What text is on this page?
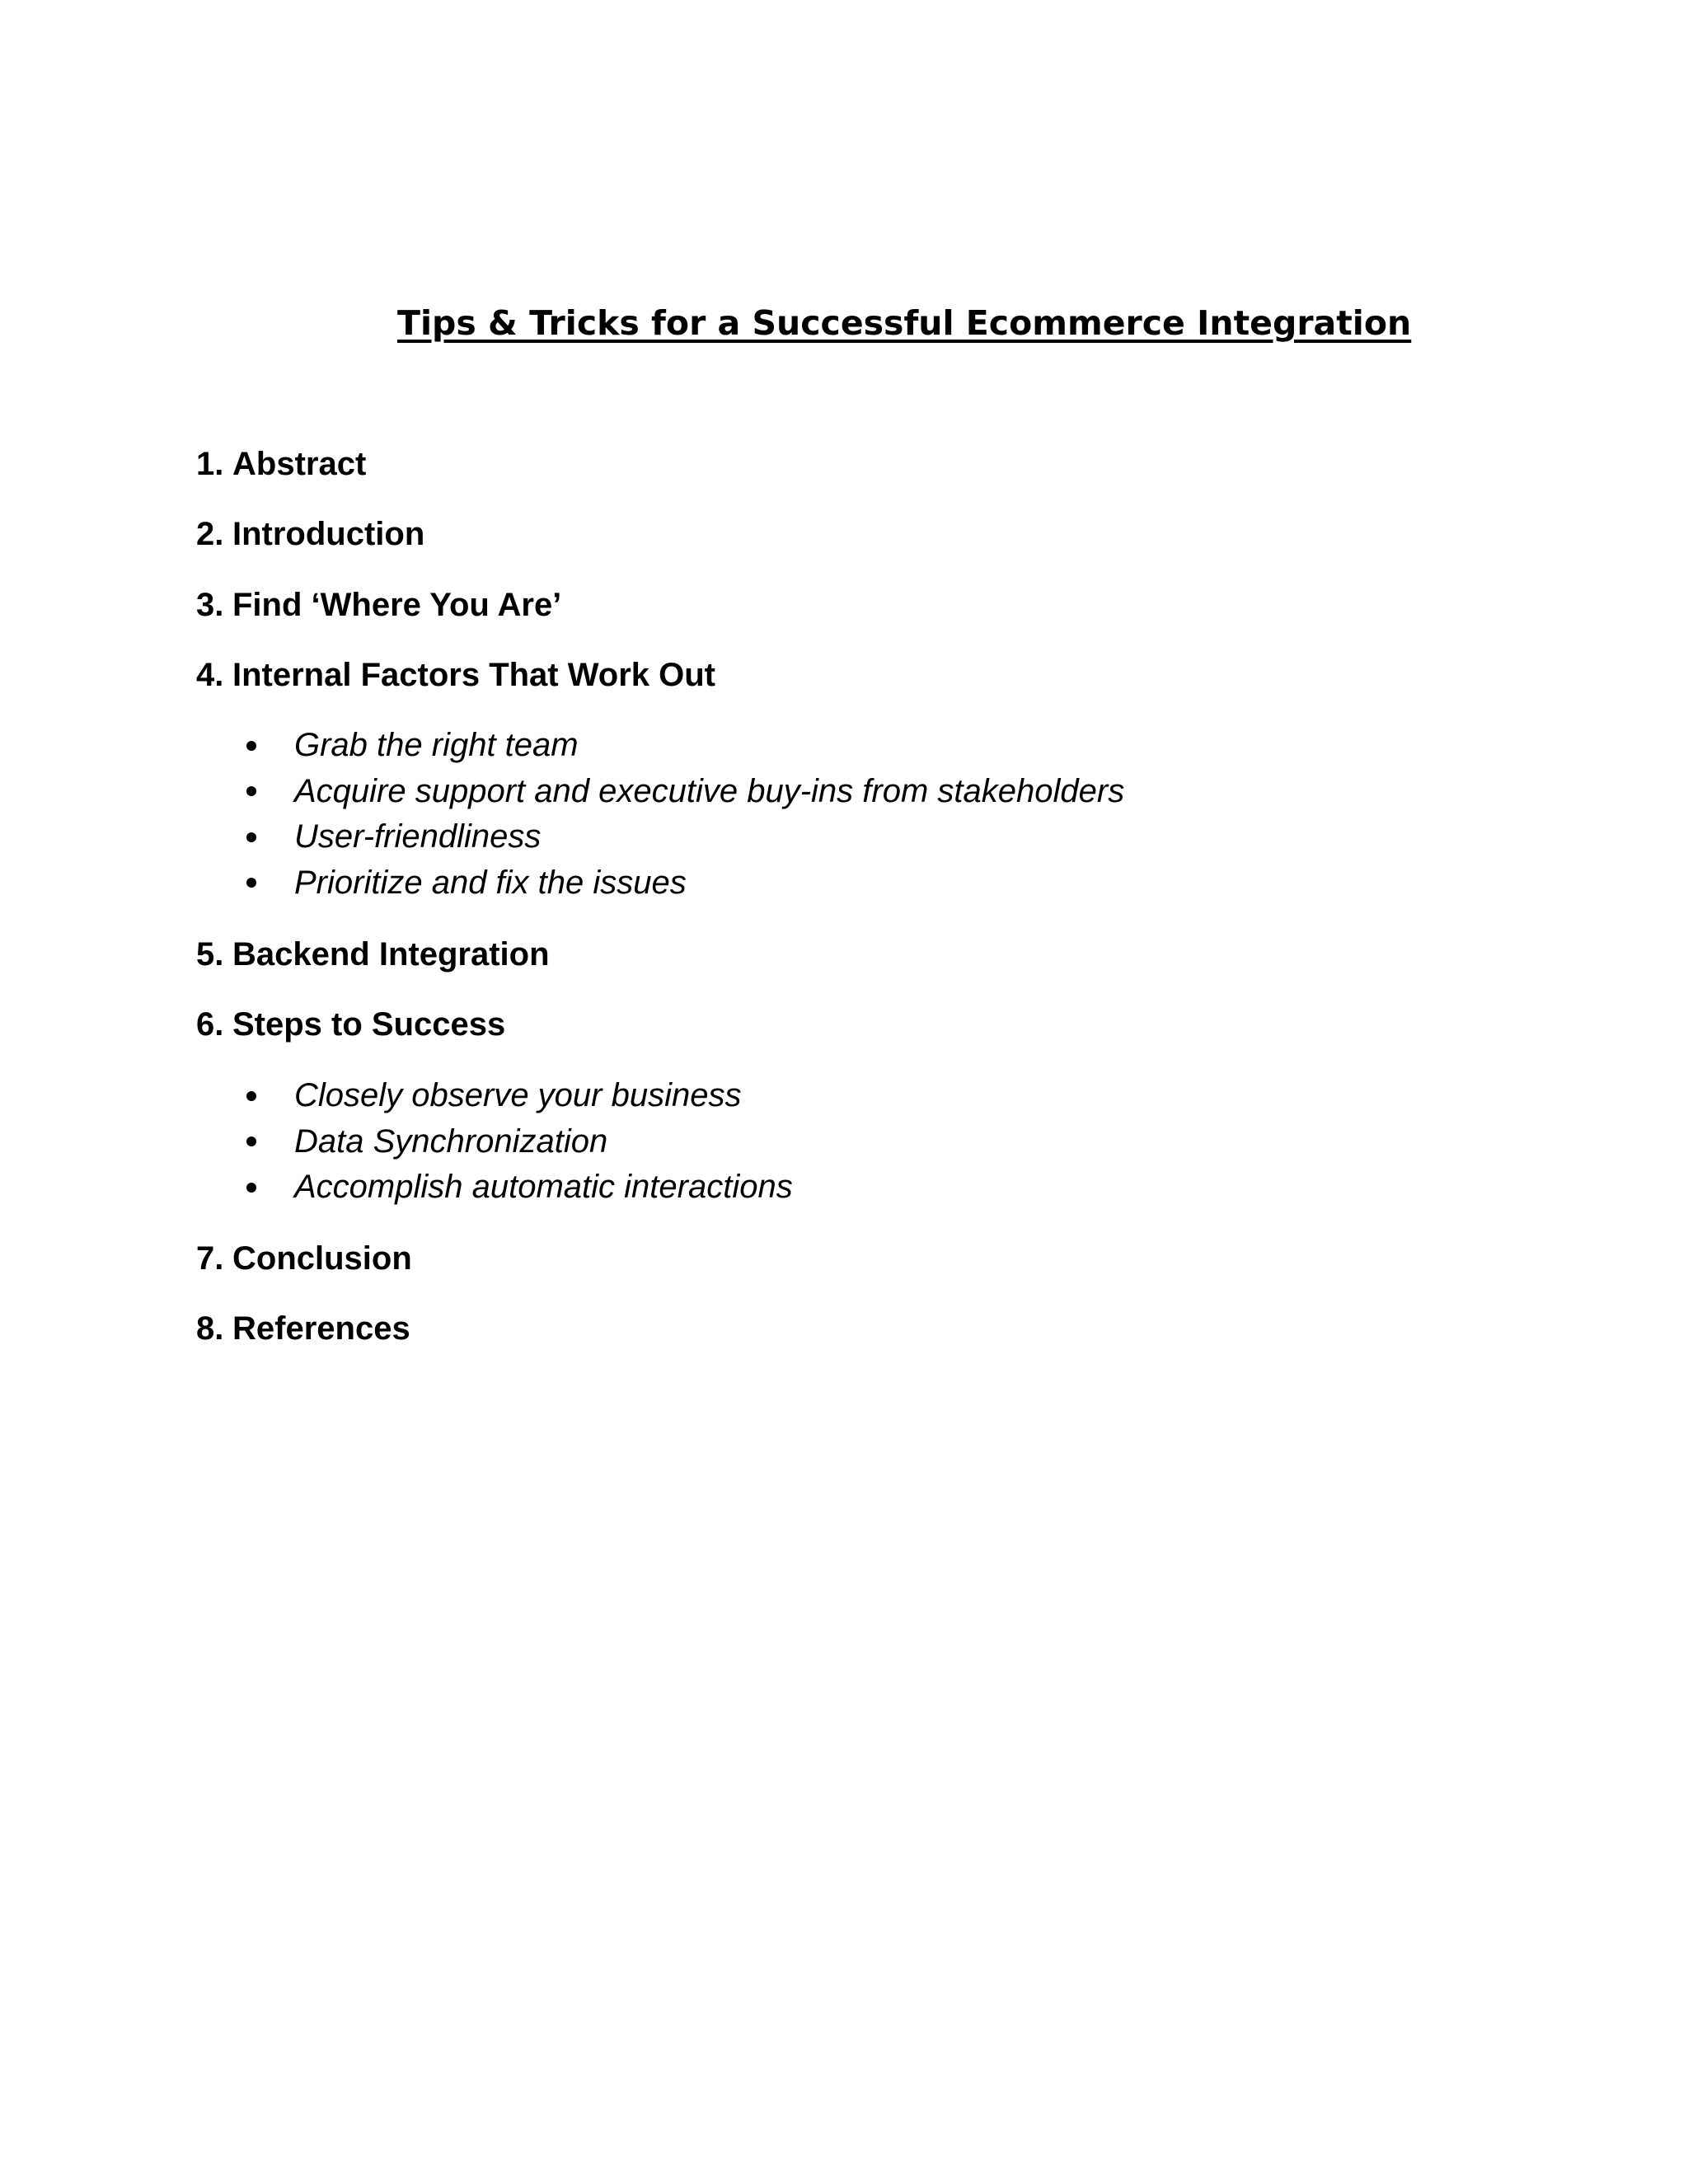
Tips & Tricks for a Successful Ecommerce Integration

1. Abstract

2. Introduction

3. Find ‘Where You Are’

4. Internal Factors That Work Out

Grab the right team
Acquire support and executive buy-ins from stakeholders
User-friendliness
Prioritize and fix the issues

5. Backend Integration

6. Steps to Success

Closely observe your business
Data Synchronization
Accomplish automatic interactions

7. Conclusion

8. References
